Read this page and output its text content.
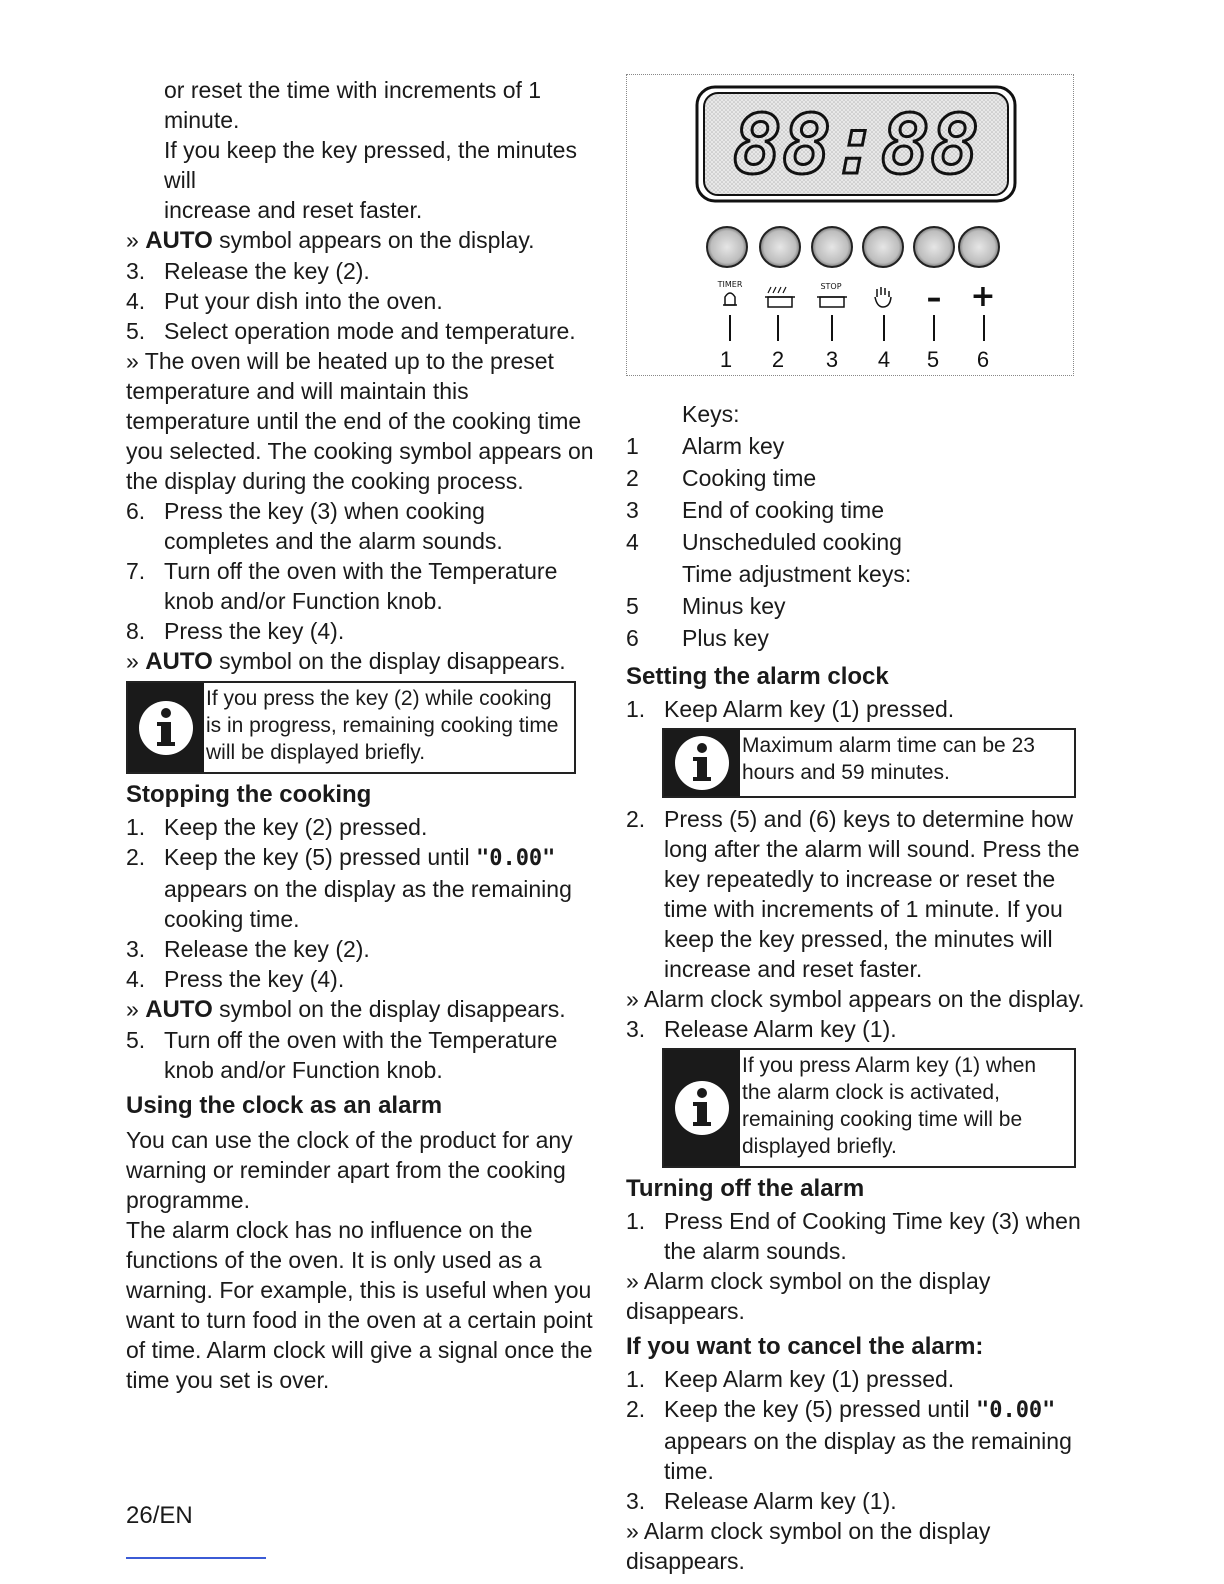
or reset the time with increments of 1 minute.

If you keep the key pressed, the minutes will

increase and reset faster.

» AUTO symbol appears on the display.

3. Release the key (2).
4. Put your dish into the oven.
5. Select operation mode and temperature.

» The oven will be heated up to the preset temperature and will maintain this temperature until the end of the cooking time you selected. The cooking symbol appears on the display during the cooking process.

6. Press the key (3) when cooking completes and the alarm sounds.
7. Turn off the oven with the Temperature knob and/or Function knob.
8. Press the key (4).

» AUTO symbol on the display disappears.

If you press the key (2) while cooking is in progress, remaining cooking time will be displayed briefly.
Stopping the cooking
1. Keep the key (2) pressed.
2. Keep the key (5) pressed until "0.00" appears on the display as the remaining cooking time.
3. Release the key (2).
4. Press the key (4).

» AUTO symbol on the display disappears.

5. Turn off the oven with the Temperature knob and/or Function knob.
Using the clock as an alarm

You can use the clock of the product for any warning or reminder apart from the cooking programme.

The alarm clock has no influence on the functions of the oven. It is only used as a warning. For example, this is useful when you want to turn food in the oven at a certain point of time. Alarm clock will give a signal once the time you set is over.

88:88
TIMER	STOP	– +
1 2 3 4 5 6

Keys:

1	Alarm key
2	Cooking time
3	End of cooking time
4	Unscheduled cooking

Time adjustment keys:

5	Minus key
6	Plus key
Setting the alarm clock
1. Keep Alarm key (1) pressed.
Maximum alarm time can be 23 hours and 59 minutes.
2. Press (5) and (6) keys to determine how long after the alarm will sound. Press the key repeatedly to increase or reset the time with increments of 1 minute. If you keep the key pressed, the minutes will increase and reset faster.

» Alarm clock symbol appears on the display.

3. Release Alarm key (1).
If you press Alarm key (1) when the alarm clock is activated, remaining cooking time will be displayed briefly.
Turning off the alarm
1. Press End of Cooking Time key (3) when the alarm sounds.

» Alarm clock symbol on the display disappears.

If you want to cancel the alarm:
1. Keep Alarm key (1) pressed.
2. Keep the key (5) pressed until "0.00" appears on the display as the remaining time.
3. Release Alarm key (1).

» Alarm clock symbol on the display disappears.

26/EN
